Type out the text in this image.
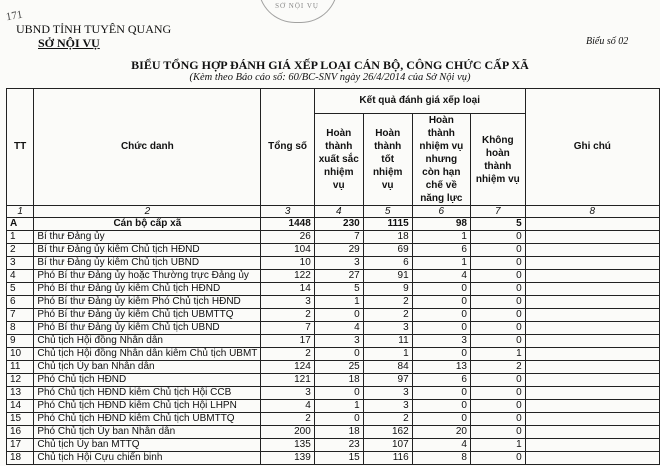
171
SỞ NỘI VỤ
UBND TỈNH TUYÊN QUANG
SỞ NỘI VỤ	Biểu số 02
BIỂU TỔNG HỢP ĐÁNH GIÁ XẾP LOẠI CÁN BỘ, CÔNG CHỨC CẤP XÃ
(Kèm theo Báo cáo số: 60/BC-SNV ngày 26/4/2014 của Sở Nội vụ)
TT	Chức danh	Tổng số	Kết quả đánh giá xếp loại				Ghi chú
			Hoàn thành xuất sắc nhiệm vụ	Hoàn thành tốt nhiệm vụ	Hoàn thành nhiệm vụ nhưng còn hạn chế về năng lực	Không hoàn thành nhiệm vụ	
1	2	3	4	5	6	7	8
A	Cán bộ cấp xã	1448	230	1115	98	5	
1	Bí thư Đảng ủy	26	7	18	1	0	
2	Bí thư Đảng ủy kiêm Chủ tịch HĐND	104	29	69	6	0	
3	Bí thư Đảng ủy kiêm Chủ tịch UBND	10	3	6	1	0	
4	Phó Bí thư Đảng ủy hoặc Thường trực Đảng ủy	122	27	91	4	0	
5	Phó Bí thư Đảng ủy kiêm Chủ tịch HĐND	14	5	9	0	0	
6	Phó Bí thư Đảng ủy kiêm Phó Chủ tịch HĐND	3	1	2	0	0	
7	Phó Bí thư Đảng ủy kiêm Chủ tịch UBMTTQ	2	0	2	0	0	
8	Phó Bí thư Đảng ủy kiêm Chủ tịch UBND	7	4	3	0	0	
9	Chủ tịch Hội đồng Nhân dân	17	3	11	3	0	
10	Chủ tịch Hội đồng Nhân dân kiêm Chủ tịch UBMT	2	0	1	0	1	
11	Chủ tịch Ủy ban Nhân dân	124	25	84	13	2	
12	Phó Chủ tịch HĐND	121	18	97	6	0	
13	Phó Chủ tịch HĐND kiêm Chủ tịch Hội CCB	3	0	3	0	0	
14	Phó Chủ tịch HĐND kiêm Chủ tịch Hội LHPN	4	1	3	0	0	
15	Phó Chủ tịch HĐND kiêm Chủ tịch UBMTTQ	2	0	2	0	0	
16	Phó Chủ tịch Ủy ban Nhân dân	200	18	162	20	0	
17	Chủ tịch Ủy ban MTTQ	135	23	107	4	1	
18	Chủ tịch Hội Cựu chiến binh	139	15	116	8	0	
